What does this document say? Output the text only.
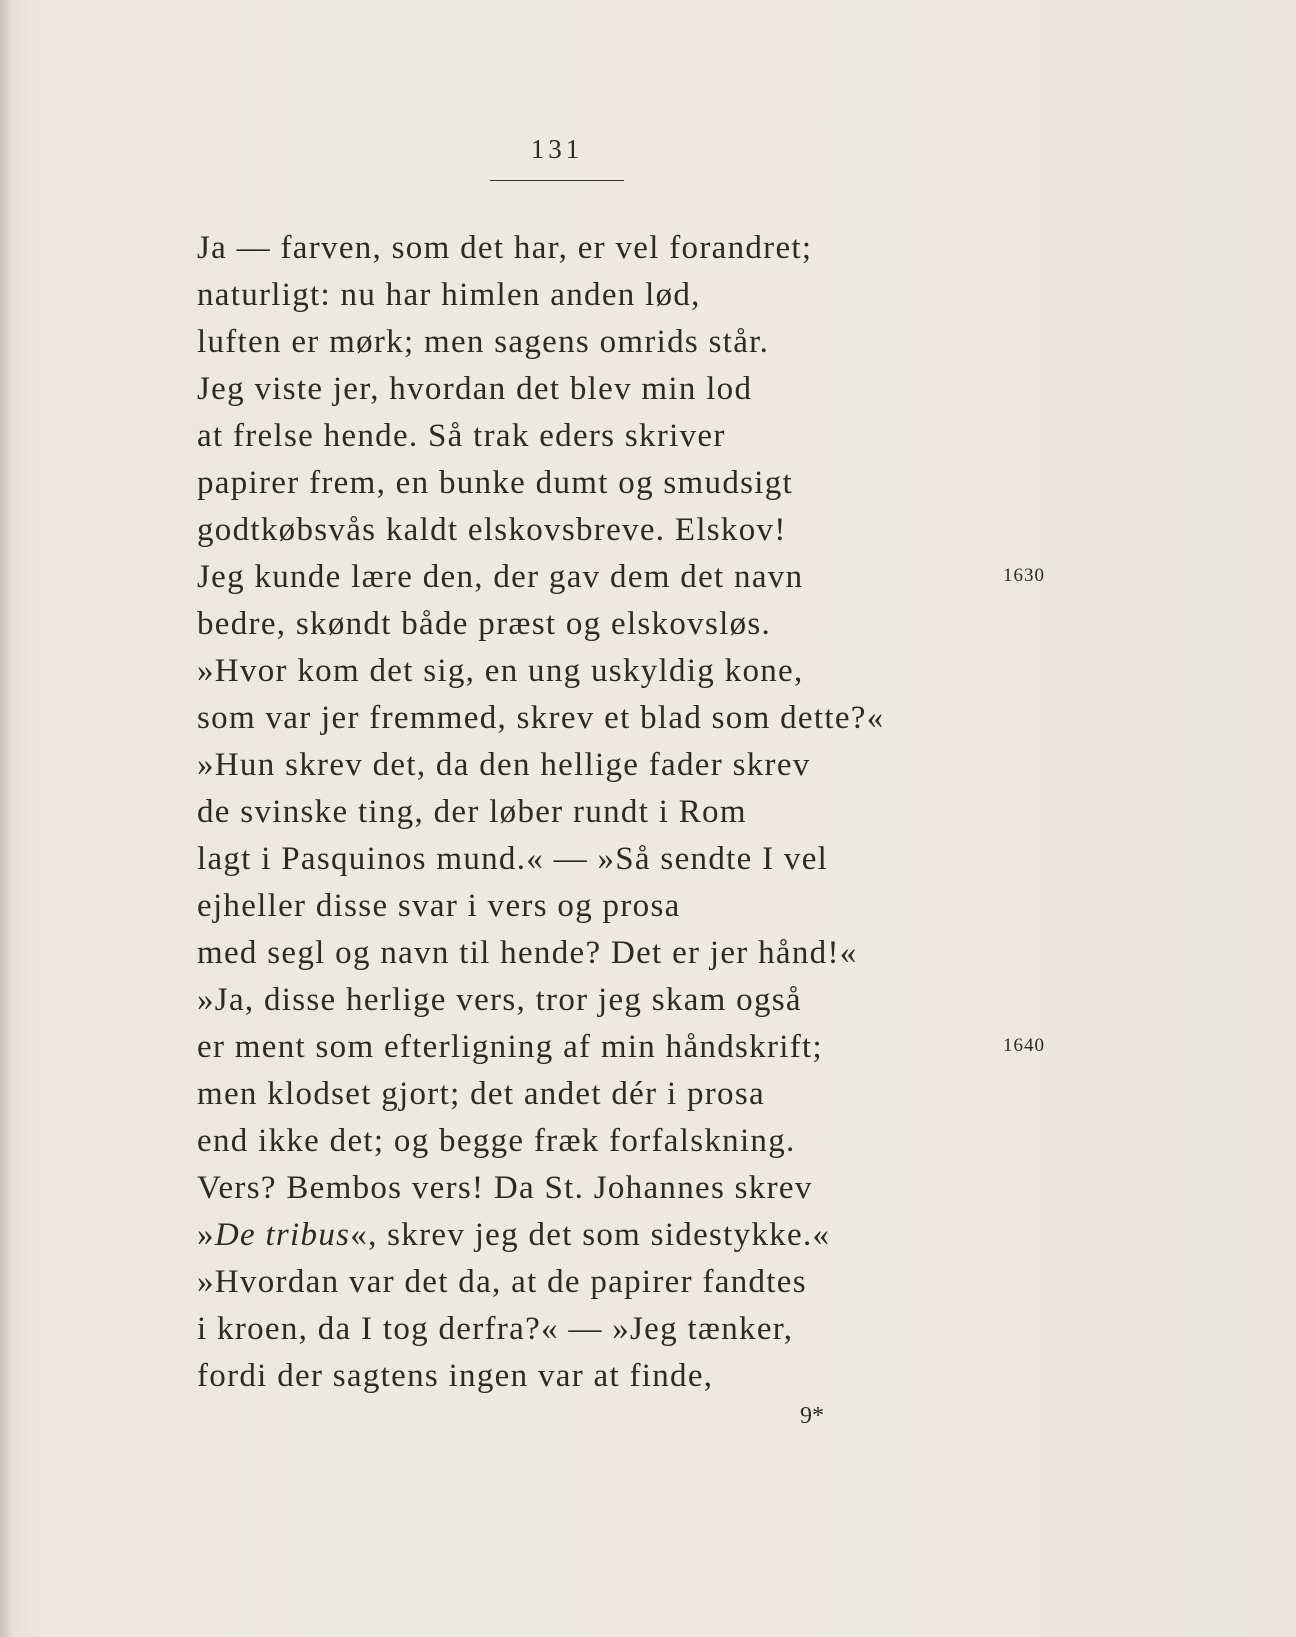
131
Ja — farven, som det har, er vel forandret;
naturligt: nu har himlen anden lød,
luften er mørk; men sagens omrids står.
Jeg viste jer, hvordan det blev min lod
at frelse hende. Så trak eders skriver
papirer frem, en bunke dumt og smudsigt
godtkøbsvås kaldt elskovsbreve. Elskov!
Jeg kunde lære den, der gav dem det navn
bedre, skøndt både præst og elskovsløs.
»Hvor kom det sig, en ung uskyldig kone,
som var jer fremmed, skrev et blad som dette?«
»Hun skrev det, da den hellige fader skrev
de svinske ting, der løber rundt i Rom
lagt i Pasquinos mund.« — »Så sendte I vel
ejheller disse svar i vers og prosa
med segl og navn til hende? Det er jer hånd!«
»Ja, disse herlige vers, tror jeg skam også
er ment som efterligning af min håndskrift;
men klodset gjort; det andet dér i prosa
end ikke det; og begge fræk forfalskning.
Vers? Bembos vers! Da St. Johannes skrev
»De tribus«, skrev jeg det som sidestykke.«
»Hvordan var det da, at de papirer fandtes
i kroen, da I tog derfra?« — »Jeg tænker,
fordi der sagtens ingen var at finde,
1630
1640
9*
